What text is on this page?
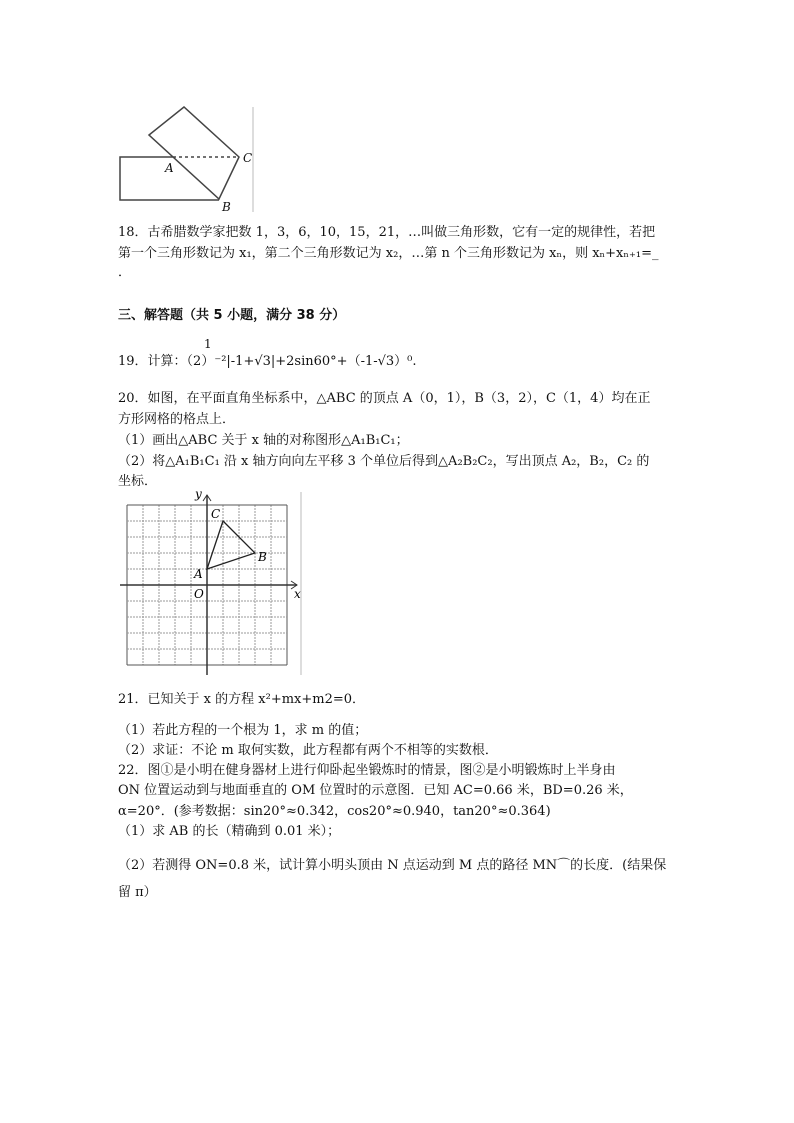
A
B
C
A
B
C
O	x
y
18．古希腊数学家把数 1，3，6，10，15，21，…叫做三角形数，它有一定的规律性，若把
第一个三角形数记为 x₁，第二个三角形数记为 x₂，…第 n 个三角形数记为 xₙ，则 xₙ+xₙ₊₁=_
．
三、解答题（共 5 小题，满分 38 分）
1
19．计算：（2）⁻²|-1+√3|+2sin60°+（-1-√3）⁰.
20．如图，在平面直角坐标系中，△ABC 的顶点 A（0，1），B（3，2），C（1，4）均在正
方形网格的格点上．
（1）画出△ABC 关于 x 轴的对称图形△A₁B₁C₁；
（2）将△A₁B₁C₁ 沿 x 轴方向向左平移 3 个单位后得到△A₂B₂C₂，写出顶点 A₂，B₂，C₂ 的
坐标．
21．已知关于 x 的方程 x²+mx+m2=0．
（1）若此方程的一个根为 1，求 m 的值；
（2）求证：不论 m 取何实数，此方程都有两个不相等的实数根．
22．图①是小明在健身器材上进行仰卧起坐锻炼时的情景，图②是小明锻炼时上半身由
ON 位置运动到与地面垂直的 OM 位置时的示意图．已知 AC=0.66 米，BD=0.26 米，
α=20°．(参考数据：sin20°≈0.342，cos20°≈0.940，tan20°≈0.364)
（1）求 AB 的长（精确到 0.01 米）；
（2）若测得 ON=0.8 米，试计算小明头顶由 N 点运动到 M 点的路径 MN⌒的长度．(结果保
留 π）
